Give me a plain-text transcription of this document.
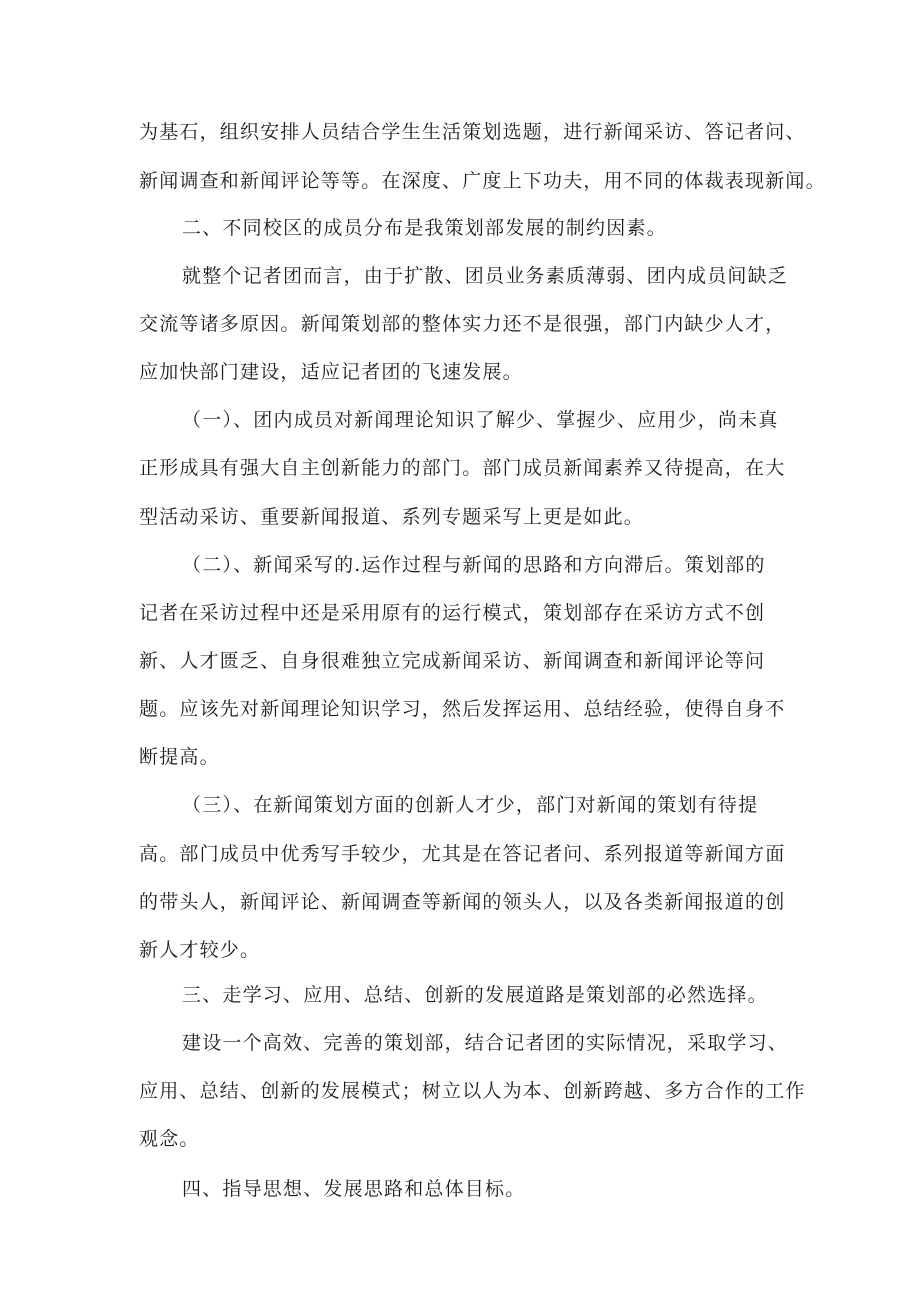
为基石，组织安排人员结合学生生活策划选题，进行新闻采访、答记者问、
新闻调查和新闻评论等等。在深度、广度上下功夫，用不同的体裁表现新闻。
二、不同校区的成员分布是我策划部发展的制约因素。
就整个记者团而言，由于扩散、团员业务素质薄弱、团内成员间缺乏
交流等诸多原因。新闻策划部的整体实力还不是很强，部门内缺少人才，
应加快部门建设，适应记者团的飞速发展。
（一）、团内成员对新闻理论知识了解少、掌握少、应用少，尚未真
正形成具有强大自主创新能力的部门。部门成员新闻素养又待提高，在大
型活动采访、重要新闻报道、系列专题采写上更是如此。
（二）、新闻采写的.运作过程与新闻的思路和方向滞后。策划部的
记者在采访过程中还是采用原有的运行模式，策划部存在采访方式不创
新、人才匮乏、自身很难独立完成新闻采访、新闻调查和新闻评论等问
题。应该先对新闻理论知识学习，然后发挥运用、总结经验，使得自身不
断提高。
（三）、在新闻策划方面的创新人才少，部门对新闻的策划有待提
高。部门成员中优秀写手较少，尤其是在答记者问、系列报道等新闻方面
的带头人，新闻评论、新闻调查等新闻的领头人，以及各类新闻报道的创
新人才较少。
三、走学习、应用、总结、创新的发展道路是策划部的必然选择。
建设一个高效、完善的策划部，结合记者团的实际情况，采取学习、
应用、总结、创新的发展模式；树立以人为本、创新跨越、多方合作的工作
观念。
四、指导思想、发展思路和总体目标。
